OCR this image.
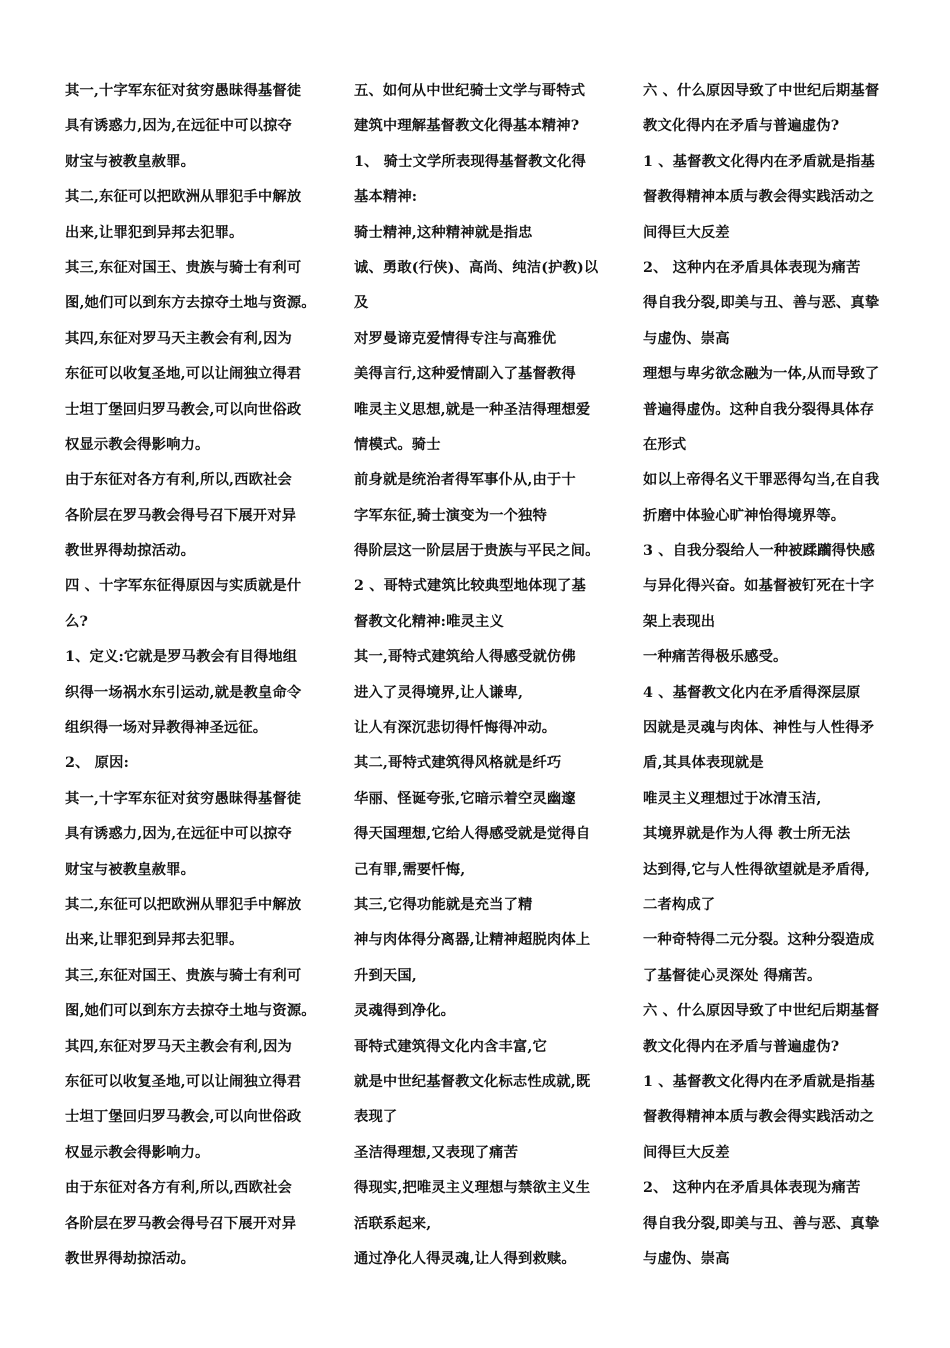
其一,十字军东征对贫穷愚昧得基督徒
具有诱惑力,因为,在远征中可以掠夺
财宝与被教皇赦罪。
其二,东征可以把欧洲从罪犯手中解放
出来,让罪犯到异邦去犯罪。
其三,东征对国王、贵族与骑士有利可
图,她们可以到东方去掠夺土地与资源。
其四,东征对罗马天主教会有利,因为
东征可以收复圣地,可以让闹独立得君
士坦丁堡回归罗马教会,可以向世俗政
权显示教会得影响力。
由于东征对各方有利,所以,西欧社会
各阶层在罗马教会得号召下展开对异
教世界得劫掠活动。
四 、十字军东征得原因与实质就是什
么?
1、定义:它就是罗马教会有目得地组
织得一场祸水东引运动,就是教皇命令
组织得一场对异教得神圣远征。
2、 原因:
其一,十字军东征对贫穷愚昧得基督徒
具有诱惑力,因为,在远征中可以掠夺
财宝与被教皇赦罪。
其二,东征可以把欧洲从罪犯手中解放
出来,让罪犯到异邦去犯罪。
其三,东征对国王、贵族与骑士有利可
图,她们可以到东方去掠夺土地与资源。
其四,东征对罗马天主教会有利,因为
东征可以收复圣地,可以让闹独立得君
士坦丁堡回归罗马教会,可以向世俗政
权显示教会得影响力。
由于东征对各方有利,所以,西欧社会
各阶层在罗马教会得号召下展开对异
教世界得劫掠活动。
五、如何从中世纪骑士文学与哥特式
建筑中理解基督教文化得基本精神?
1、 骑士文学所表现得基督教文化得
基本精神:
骑士精神,这种精神就是指忠
诚、勇敢(行侠)、高尚、纯洁(护教)以
及
对罗曼谛克爱情得专注与高雅优
美得言行,这种爱情副入了基督教得
唯灵主义思想,就是一种圣洁得理想爱
情模式。骑士
前身就是统治者得军事仆从,由于十
字军东征,骑士演变为一个独特
得阶层这一阶层居于贵族与平民之间。
2 、哥特式建筑比较典型地体现了基
督教文化精神:唯灵主义
其一,哥特式建筑给人得感受就仿佛
进入了灵得境界,让人谦卑,
让人有深沉悲切得忏悔得冲动。
其二,哥特式建筑得风格就是纤巧
华丽、怪诞夸张,它暗示着空灵幽邃
得天国理想,它给人得感受就是觉得自
己有罪,需要忏悔,
其三,它得功能就是充当了精
神与肉体得分离器,让精神超脱肉体上
升到天国,
灵魂得到净化。
哥特式建筑得文化内含丰富,它
就是中世纪基督教文化标志性成就,既
表现了
圣洁得理想,又表现了痛苦
得现实,把唯灵主义理想与禁欲主义生
活联系起来,
通过净化人得灵魂,让人得到救赎。
六 、什么原因导致了中世纪后期基督
教文化得内在矛盾与普遍虚伪?
1 、基督教文化得内在矛盾就是指基
督教得精神本质与教会得实践活动之
间得巨大反差
2、 这种内在矛盾具体表现为痛苦
得自我分裂,即美与丑、善与恶、真挚
与虚伪、崇高
理想与卑劣欲念融为一体,从而导致了
普遍得虚伪。这种自我分裂得具体存
在形式
如以上帝得名义干罪恶得勾当,在自我
折磨中体验心旷神怡得境界等。
3 、自我分裂给人一种被蹂躏得快感
与异化得兴奋。如基督被钉死在十字
架上表现出
一种痛苦得极乐感受。
4 、基督教文化内在矛盾得深层原
因就是灵魂与肉体、神性与人性得矛
盾,其具体表现就是
唯灵主义理想过于冰清玉洁,
其境界就是作为人得 教士所无法
达到得,它与人性得欲望就是矛盾得,
二者构成了
一种奇特得二元分裂。这种分裂造成
了基督徒心灵深处 得痛苦。
六 、什么原因导致了中世纪后期基督
教文化得内在矛盾与普遍虚伪?
1 、基督教文化得内在矛盾就是指基
督教得精神本质与教会得实践活动之
间得巨大反差
2、 这种内在矛盾具体表现为痛苦
得自我分裂,即美与丑、善与恶、真挚
与虚伪、崇高
